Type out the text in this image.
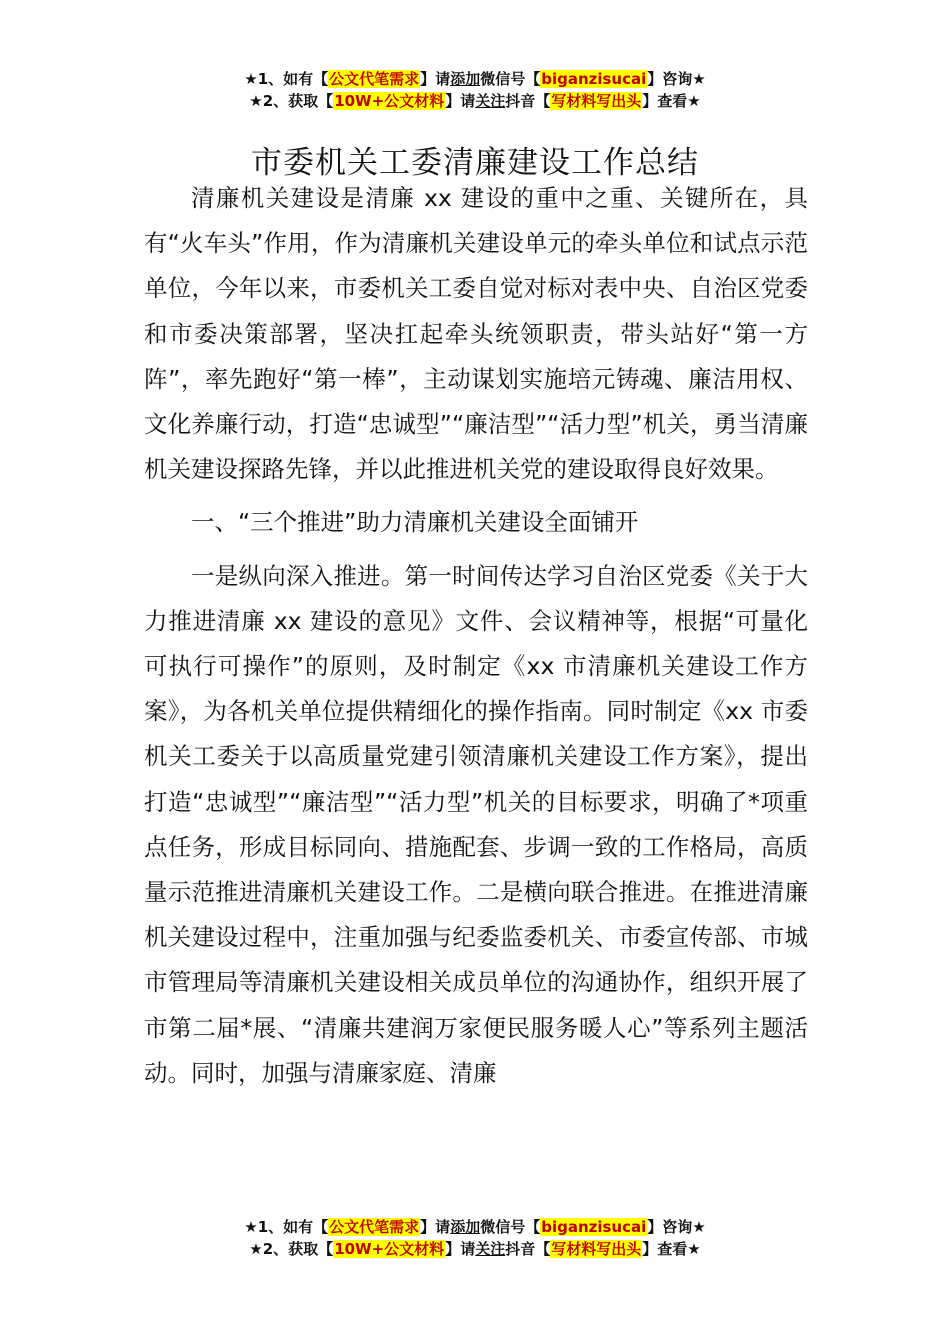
★1、如有【公文代笔需求】请添加微信号【biganzisucai】咨询★
★2、获取【10W+公文材料】请关注抖音【写材料写出头】查看★
市委机关工委清廉建设工作总结

清廉机关建设是清廉 xx 建设的重中之重、关键所在，具有“火车头”作用，作为清廉机关建设单元的牵头单位和试点示范单位，今年以来，市委机关工委自觉对标对表中央、自治区党委和市委决策部署，坚决扛起牵头统领职责，带头站好“第一方阵”，率先跑好“第一棒”，主动谋划实施培元铸魂、廉洁用权、文化养廉行动，打造“忠诚型”“廉洁型”“活力型”机关，勇当清廉机关建设探路先锋，并以此推进机关党的建设取得良好效果。

一、“三个推进”助力清廉机关建设全面铺开

一是纵向深入推进。第一时间传达学习自治区党委《关于大力推进清廉 xx 建设的意见》文件、会议精神等，根据“可量化可执行可操作”的原则，及时制定《xx 市清廉机关建设工作方案》，为各机关单位提供精细化的操作指南。同时制定《xx 市委机关工委关于以高质量党建引领清廉机关建设工作方案》，提出打造“忠诚型”“廉洁型”“活力型”机关的目标要求，明确了*项重点任务，形成目标同向、措施配套、步调一致的工作格局，高质量示范推进清廉机关建设工作。二是横向联合推进。在推进清廉机关建设过程中，注重加强与纪委监委机关、市委宣传部、市城市管理局等清廉机关建设相关成员单位的沟通协作，组织开展了市第二届*展、“清廉共建润万家便民服务暖人心”等系列主题活动。同时，加强与清廉家庭、清廉

★1、如有【公文代笔需求】请添加微信号【biganzisucai】咨询★
★2、获取【10W+公文材料】请关注抖音【写材料写出头】查看★
